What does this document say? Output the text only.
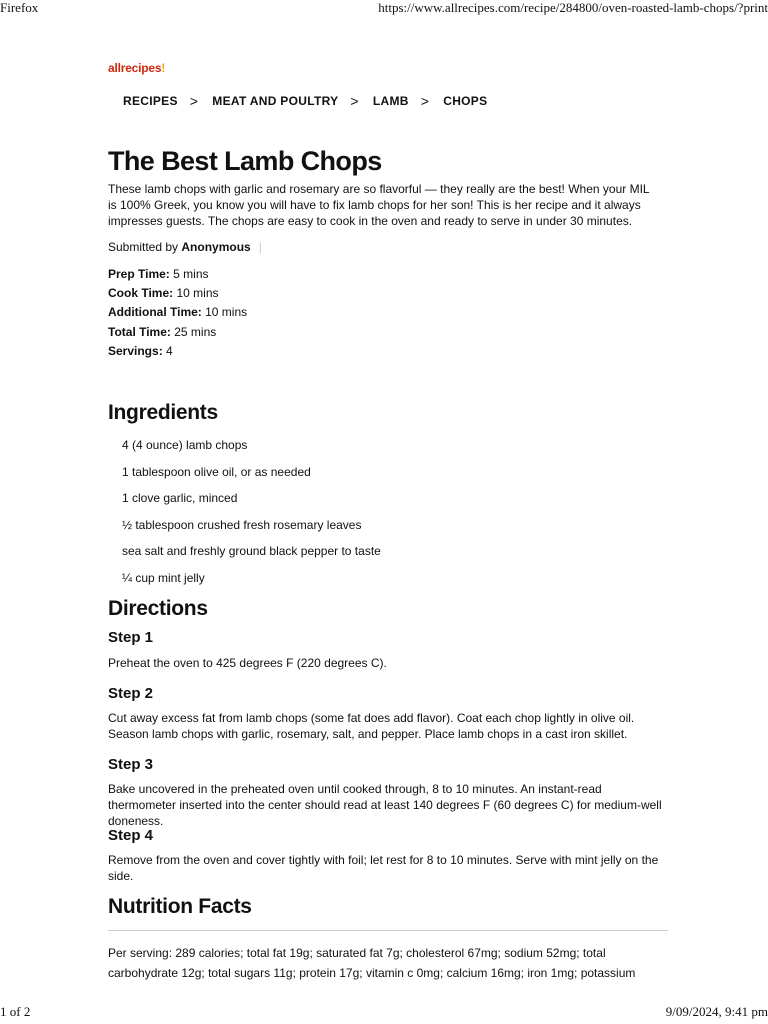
Firefox	https://www.allrecipes.com/recipe/284800/oven-roasted-lamb-chops/?print
allrecipes!
RECIPES > MEAT AND POULTRY > LAMB > CHOPS
The Best Lamb Chops

These lamb chops with garlic and rosemary are so flavorful — they really are the best! When your MIL is 100% Greek, you know you will have to fix lamb chops for her son! This is her recipe and it always impresses guests. The chops are easy to cook in the oven and ready to serve in under 30 minutes.

Submitted by Anonymous |
Prep Time: 5 mins
Cook Time: 10 mins
Additional Time: 10 mins
Total Time: 25 mins
Servings: 4
Ingredients
4 (4 ounce) lamb chops
1 tablespoon olive oil, or as needed
1 clove garlic, minced
½ tablespoon crushed fresh rosemary leaves
sea salt and freshly ground black pepper to taste
¼ cup mint jelly
Directions
Step 1

Preheat the oven to 425 degrees F (220 degrees C).

Step 2

Cut away excess fat from lamb chops (some fat does add flavor). Coat each chop lightly in olive oil. Season lamb chops with garlic, rosemary, salt, and pepper. Place lamb chops in a cast iron skillet.

Step 3

Bake uncovered in the preheated oven until cooked through, 8 to 10 minutes. An instant-read thermometer inserted into the center should read at least 140 degrees F (60 degrees C) for medium-well doneness.

Step 4

Remove from the oven and cover tightly with foil; let rest for 8 to 10 minutes. Serve with mint jelly on the side.

Nutrition Facts

Per serving: 289 calories; total fat 19g; saturated fat 7g; cholesterol 67mg; sodium 52mg; total carbohydrate 12g; total sugars 11g; protein 17g; vitamin c 0mg; calcium 16mg; iron 1mg; potassium

1 of 2	9/09/2024, 9:41 pm
